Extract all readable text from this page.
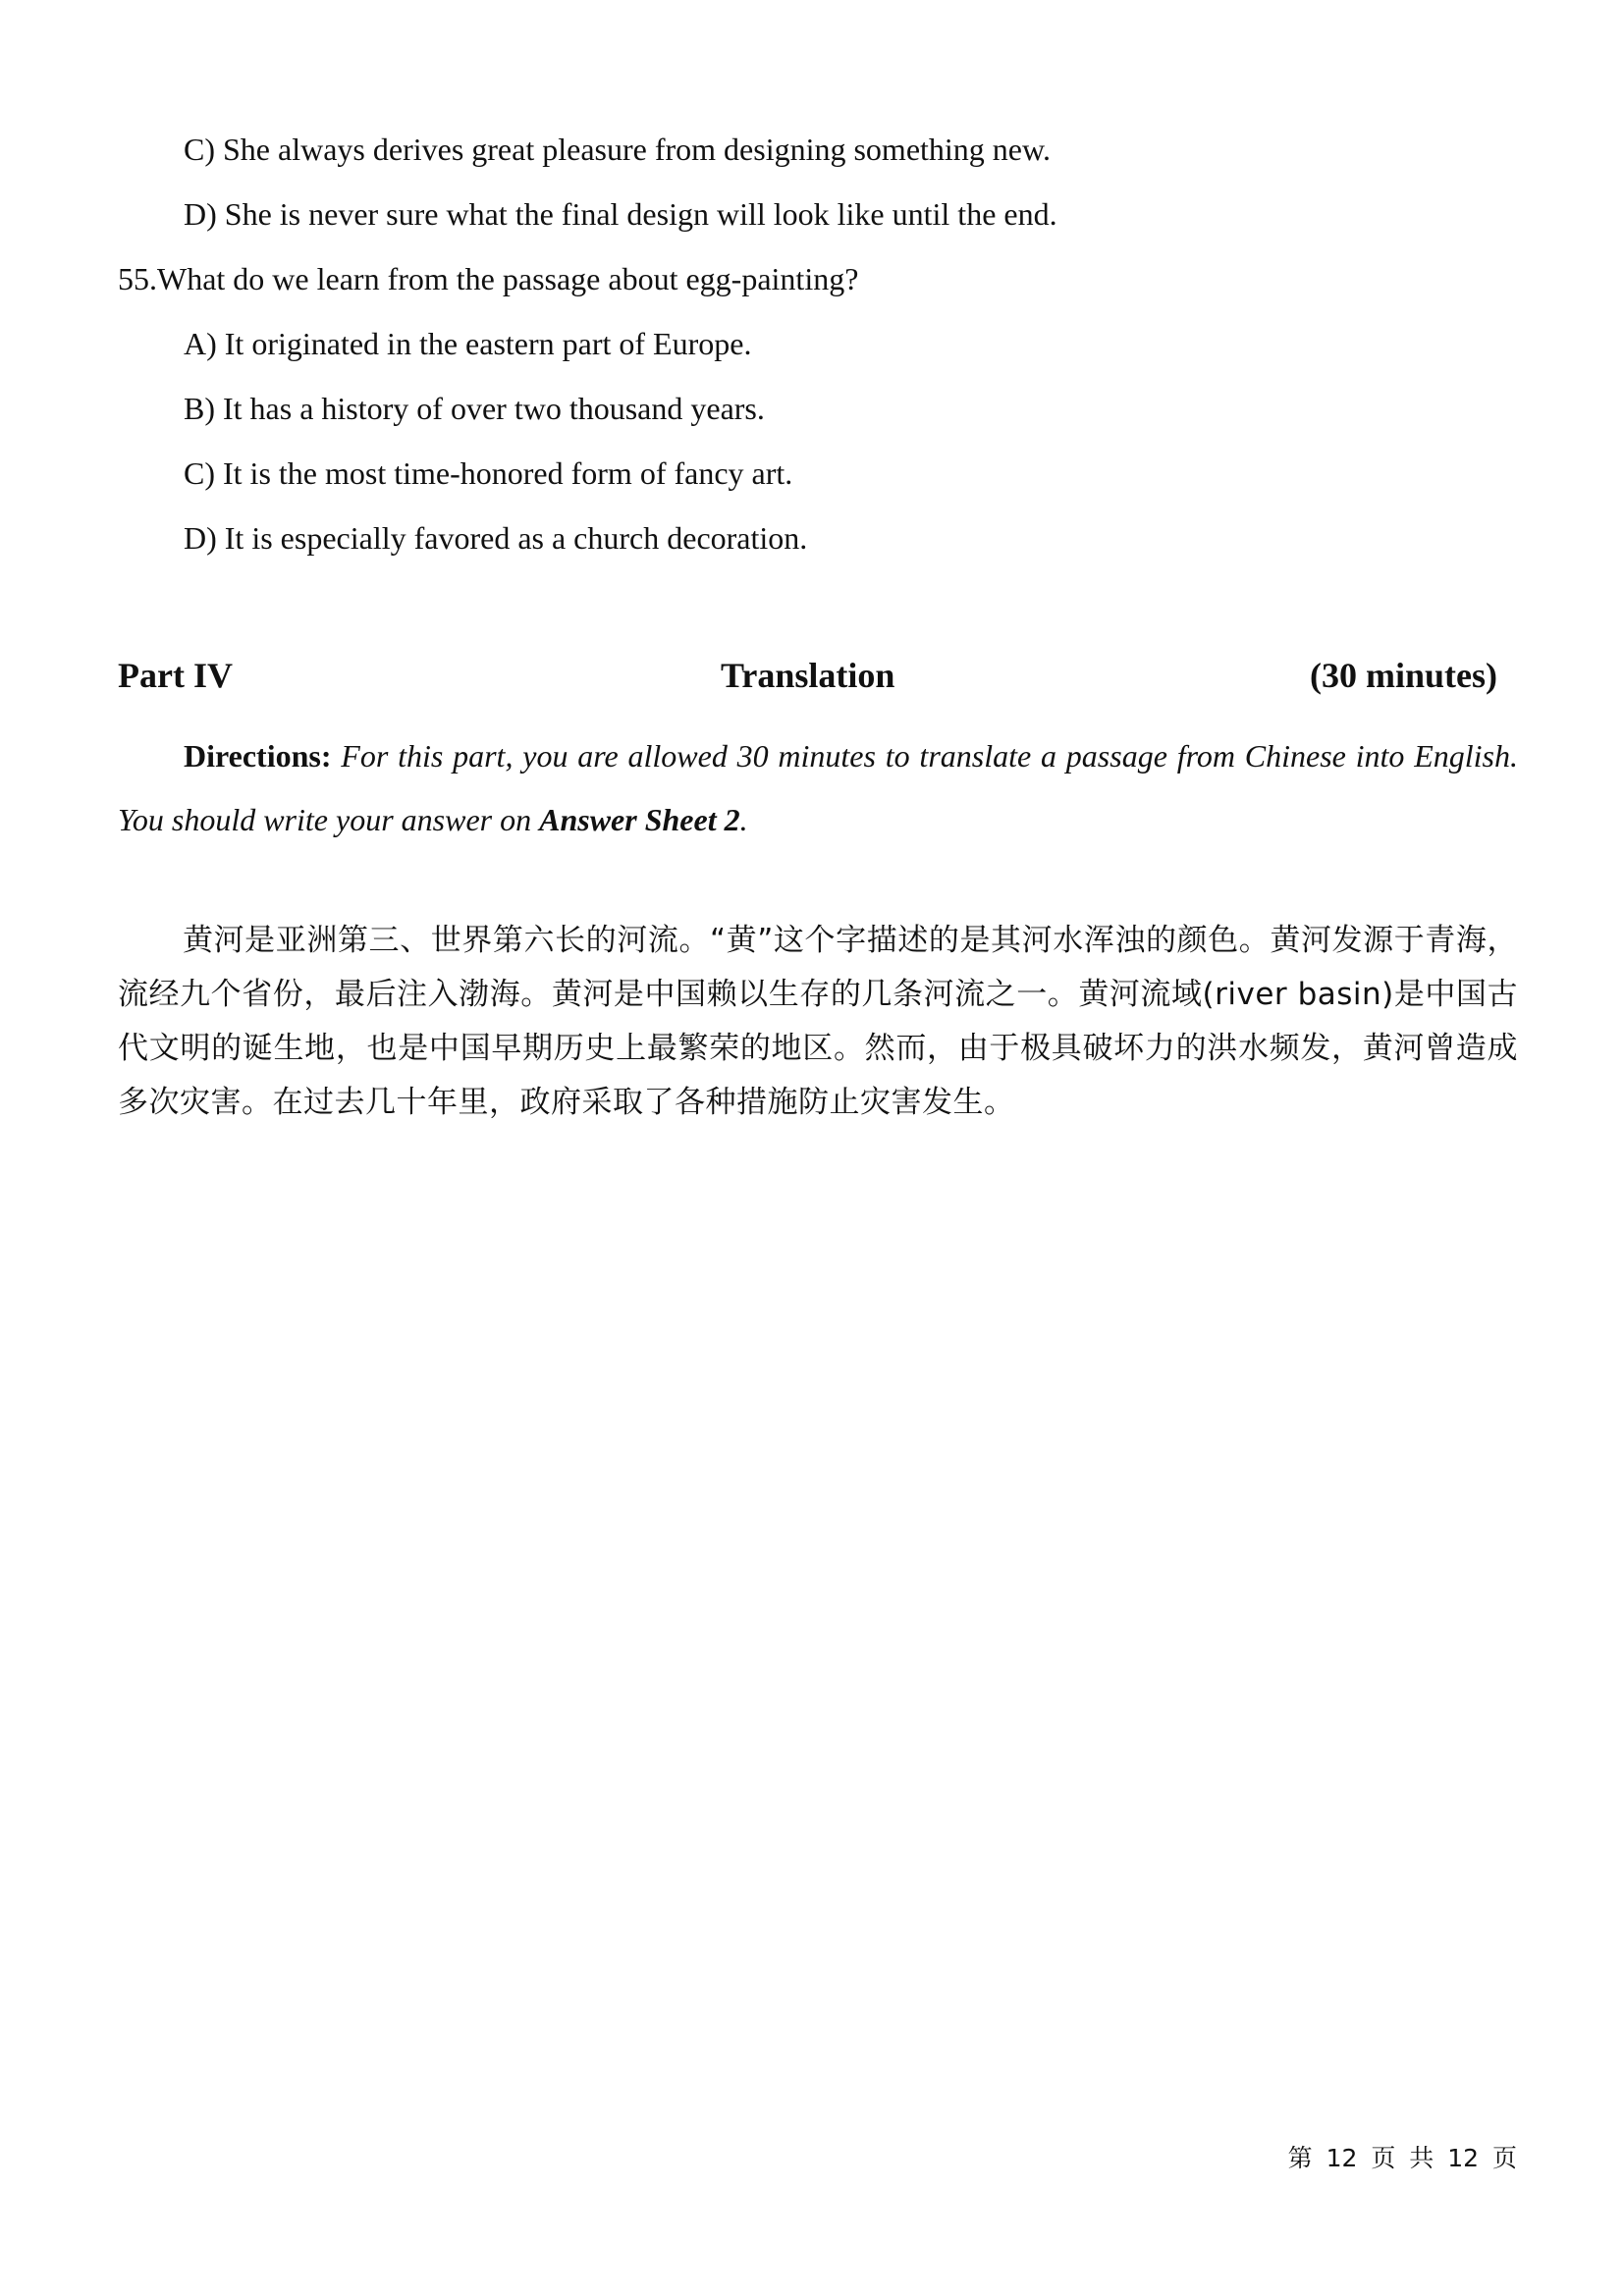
C) She always derives great pleasure from designing something new.
D) She is never sure what the final design will look like until the end.
55.What do we learn from the passage about egg-painting?
A) It originated in the eastern part of Europe.
B) It has a history of over two thousand years.
C) It is the most time-honored form of fancy art.
D) It is especially favored as a church decoration.
Part IV	Translation	(30 minutes)
Directions: For this part, you are allowed 30 minutes to translate a passage from Chinese into English. You should write your answer on Answer Sheet 2.
黄河是亚洲第三、世界第六长的河流。“黄”这个字描述的是其河水浑浊的颜色。黄河发源于青海，流经九个省份，最后注入渤海。黄河是中国赖以生存的几条河流之一。黄河流域(river basin)是中国古代文明的诞生地，也是中国早期历史上最繁荣的地区。然而，由于极具破坏力的洪水频发，黄河曾造成多次灾害。在过去几十年里，政府采取了各种措施防止灾害发生。
第 12 页 共 12 页
